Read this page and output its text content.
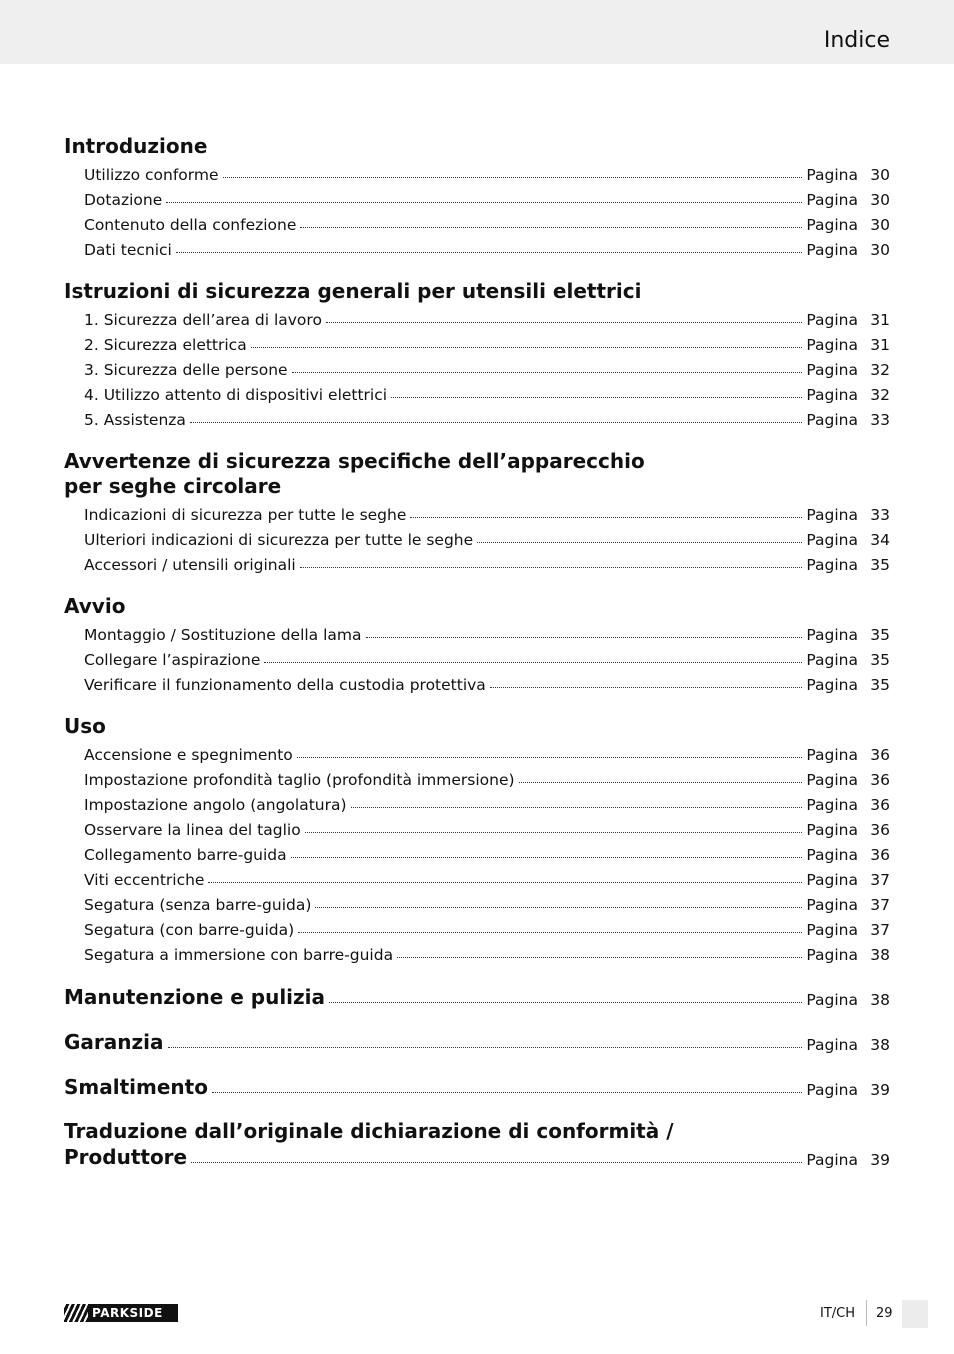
Indice
Introduzione
Utilizzo conforme	Pagina 30
Dotazione	Pagina 30
Contenuto della confezione	Pagina 30
Dati tecnici	Pagina 30
Istruzioni di sicurezza generali per utensili elettrici
1. Sicurezza dell’area di lavoro	Pagina 31
2. Sicurezza elettrica	Pagina 31
3. Sicurezza delle persone	Pagina 32
4. Utilizzo attento di dispositivi elettrici	Pagina 32
5. Assistenza	Pagina 33
Avvertenze di sicurezza specifiche dell’apparecchio
per seghe circolare
Indicazioni di sicurezza per tutte le seghe	Pagina 33
Ulteriori indicazioni di sicurezza per tutte le seghe	Pagina 34
Accessori / utensili originali	Pagina 35
Avvio
Montaggio / Sostituzione della lama	Pagina 35
Collegare l’aspirazione	Pagina 35
Verificare il funzionamento della custodia protettiva	Pagina 35
Uso
Accensione e spegnimento	Pagina 36
Impostazione profondità taglio (profondità immersione)	Pagina 36
Impostazione angolo (angolatura)	Pagina 36
Osservare la linea del taglio	Pagina 36
Collegamento barre-guida	Pagina 36
Viti eccentriche	Pagina 37
Segatura (senza barre-guida)	Pagina 37
Segatura (con barre-guida)	Pagina 37
Segatura a immersione con barre-guida	Pagina 38
Manutenzione e pulizia	Pagina 38
Garanzia	Pagina 38
Smaltimento	Pagina 39
Traduzione dall’originale dichiarazione di conformità /
Produttore	Pagina 39
PARKSIDE	IT/CH 29
